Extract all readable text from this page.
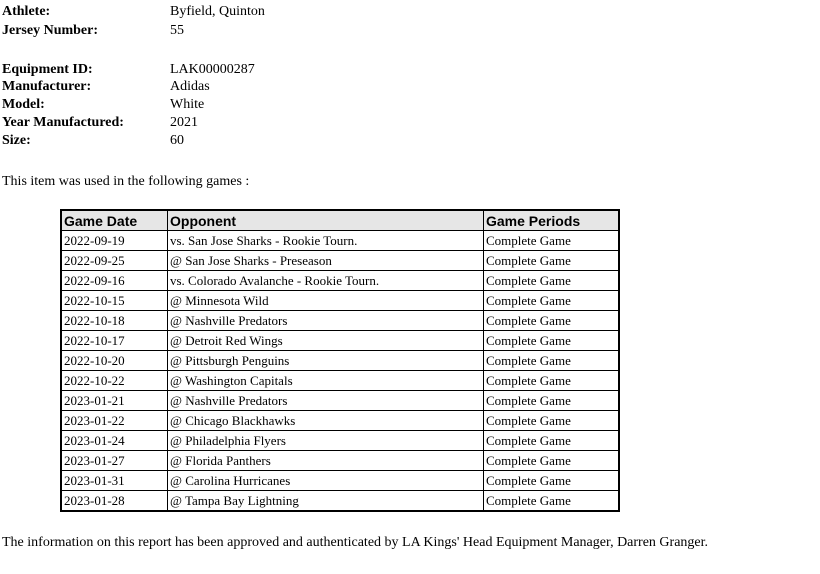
Athlete:	Byfield, Quinton
Jersey Number:	55
Equipment ID:	LAK00000287
Manufacturer:	Adidas
Model:	White
Year Manufactured:	2021
Size:	60
This item was used in the following games :
Game Date	Opponent	Game Periods
2022-09-19	vs. San Jose Sharks - Rookie Tourn.	Complete Game
2022-09-25	@ San Jose Sharks - Preseason	Complete Game
2022-09-16	vs. Colorado Avalanche - Rookie Tourn.	Complete Game
2022-10-15	@ Minnesota Wild	Complete Game
2022-10-18	@ Nashville Predators	Complete Game
2022-10-17	@ Detroit Red Wings	Complete Game
2022-10-20	@ Pittsburgh Penguins	Complete Game
2022-10-22	@ Washington Capitals	Complete Game
2023-01-21	@ Nashville Predators	Complete Game
2023-01-22	@ Chicago Blackhawks	Complete Game
2023-01-24	@ Philadelphia Flyers	Complete Game
2023-01-27	@ Florida Panthers	Complete Game
2023-01-31	@ Carolina Hurricanes	Complete Game
2023-01-28	@ Tampa Bay Lightning	Complete Game
The information on this report has been approved and authenticated by LA Kings' Head Equipment Manager, Darren Granger.
